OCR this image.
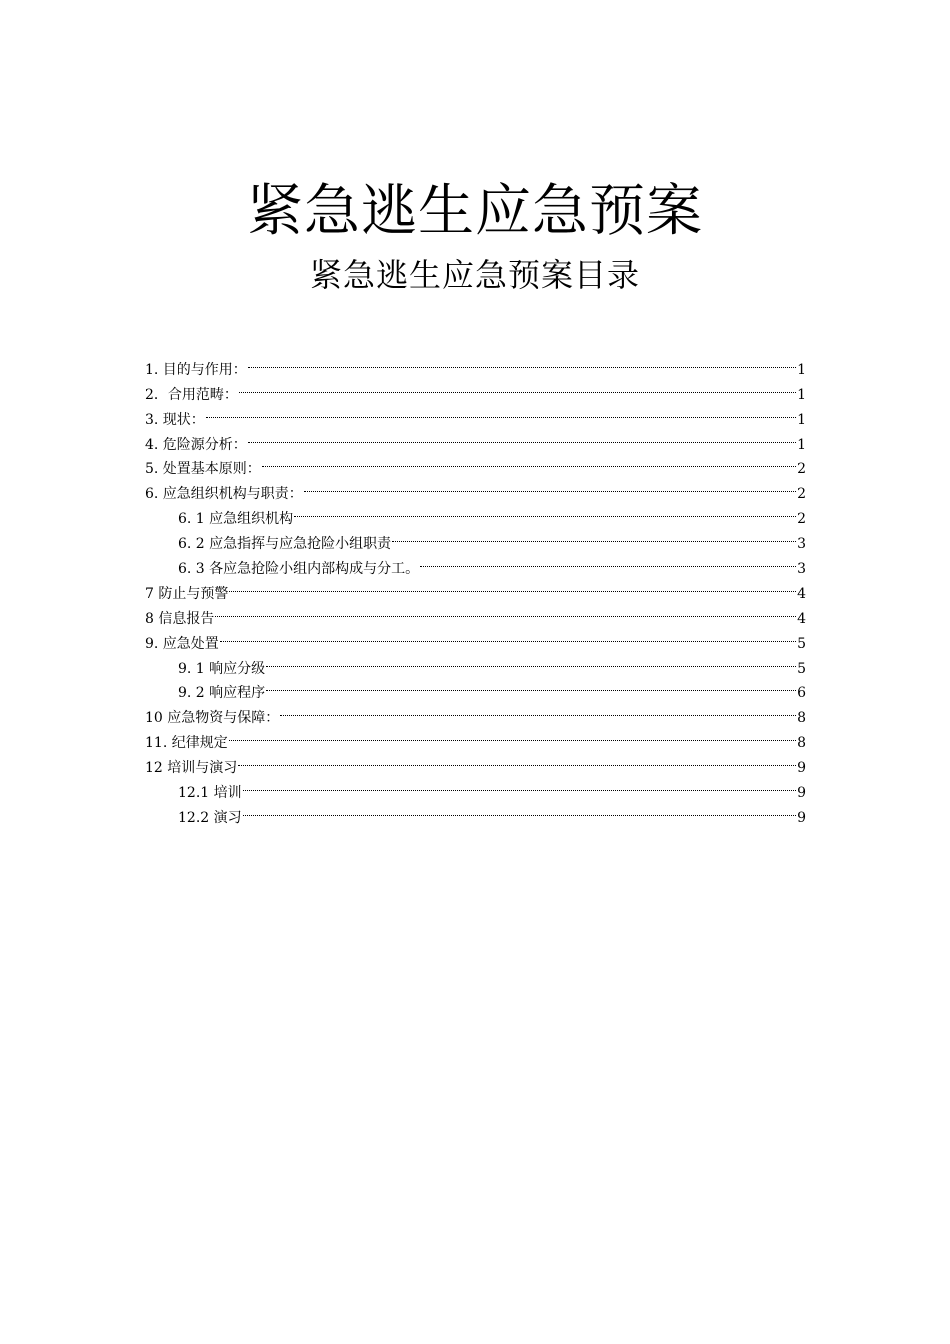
紧急逃生应急预案
紧急逃生应急预案目录
1. 目的与作用：	1
2．合用范畴：	1
3. 现状：	1
4. 危险源分析：	1
5. 处置基本原则：	2
6. 应急组织机构与职责：	2
6. 1 应急组织机构	2
6. 2 应急指挥与应急抢险小组职责	3
6. 3 各应急抢险小组内部构成与分工。	3
7 防止与预警	4
8 信息报告	4
9. 应急处置	5
9. 1 响应分级	5
9. 2 响应程序	6
10 应急物资与保障：	8
11. 纪律规定	8
12 培训与演习	9
12.1 培训	9
12.2 演习	9
